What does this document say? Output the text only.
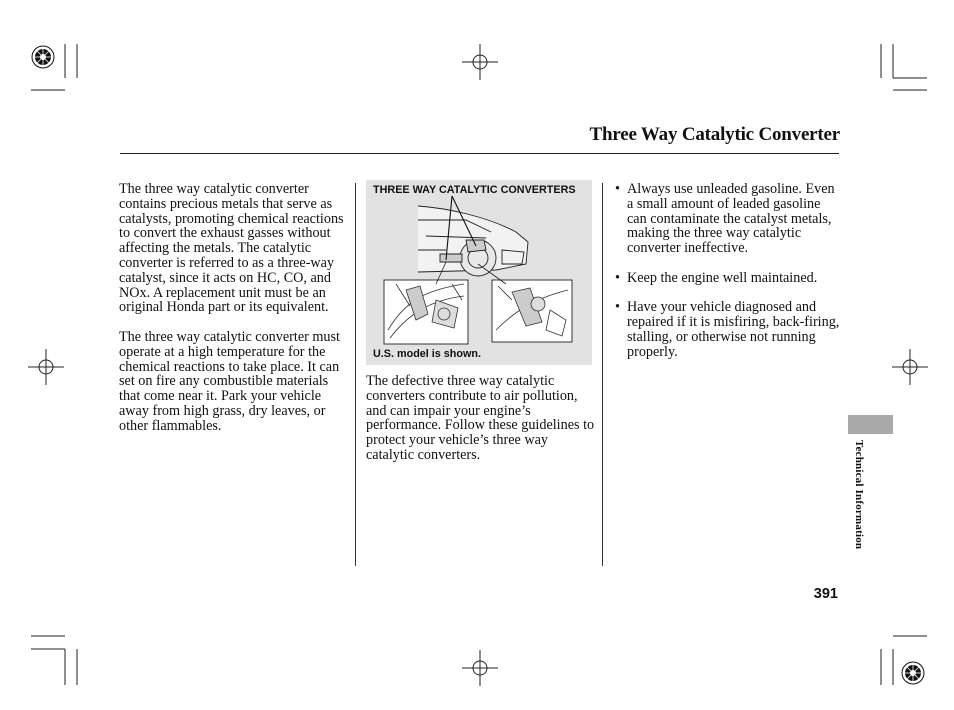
Three Way Catalytic Converter

The three way catalytic converter contains precious metals that serve as catalysts, promoting chemical reactions to convert the exhaust gasses without affecting the metals. The catalytic converter is referred to as a three-way catalyst, since it acts on HC, CO, and NOx. A replacement unit must be an original Honda part or its equivalent.

The three way catalytic converter must operate at a high temperature for the chemical reactions to take place. It can set on fire any combustible materials that come near it. Park your vehicle away from high grass, dry leaves, or other flammables.

THREE WAY CATALYTIC CONVERTERS
U.S. model is shown.
The defective three way catalytic converters contribute to air pollution, and can impair your engine’s performance. Follow these guidelines to protect your vehicle’s three way catalytic converters.
• Always use unleaded gasoline. Even a small amount of leaded gasoline can contaminate the catalyst metals, making the three way catalytic converter ineffective.
• Keep the engine well maintained.
• Have your vehicle diagnosed and repaired if it is misfiring, back-firing, stalling, or otherwise not running properly.
Technical Information
391
